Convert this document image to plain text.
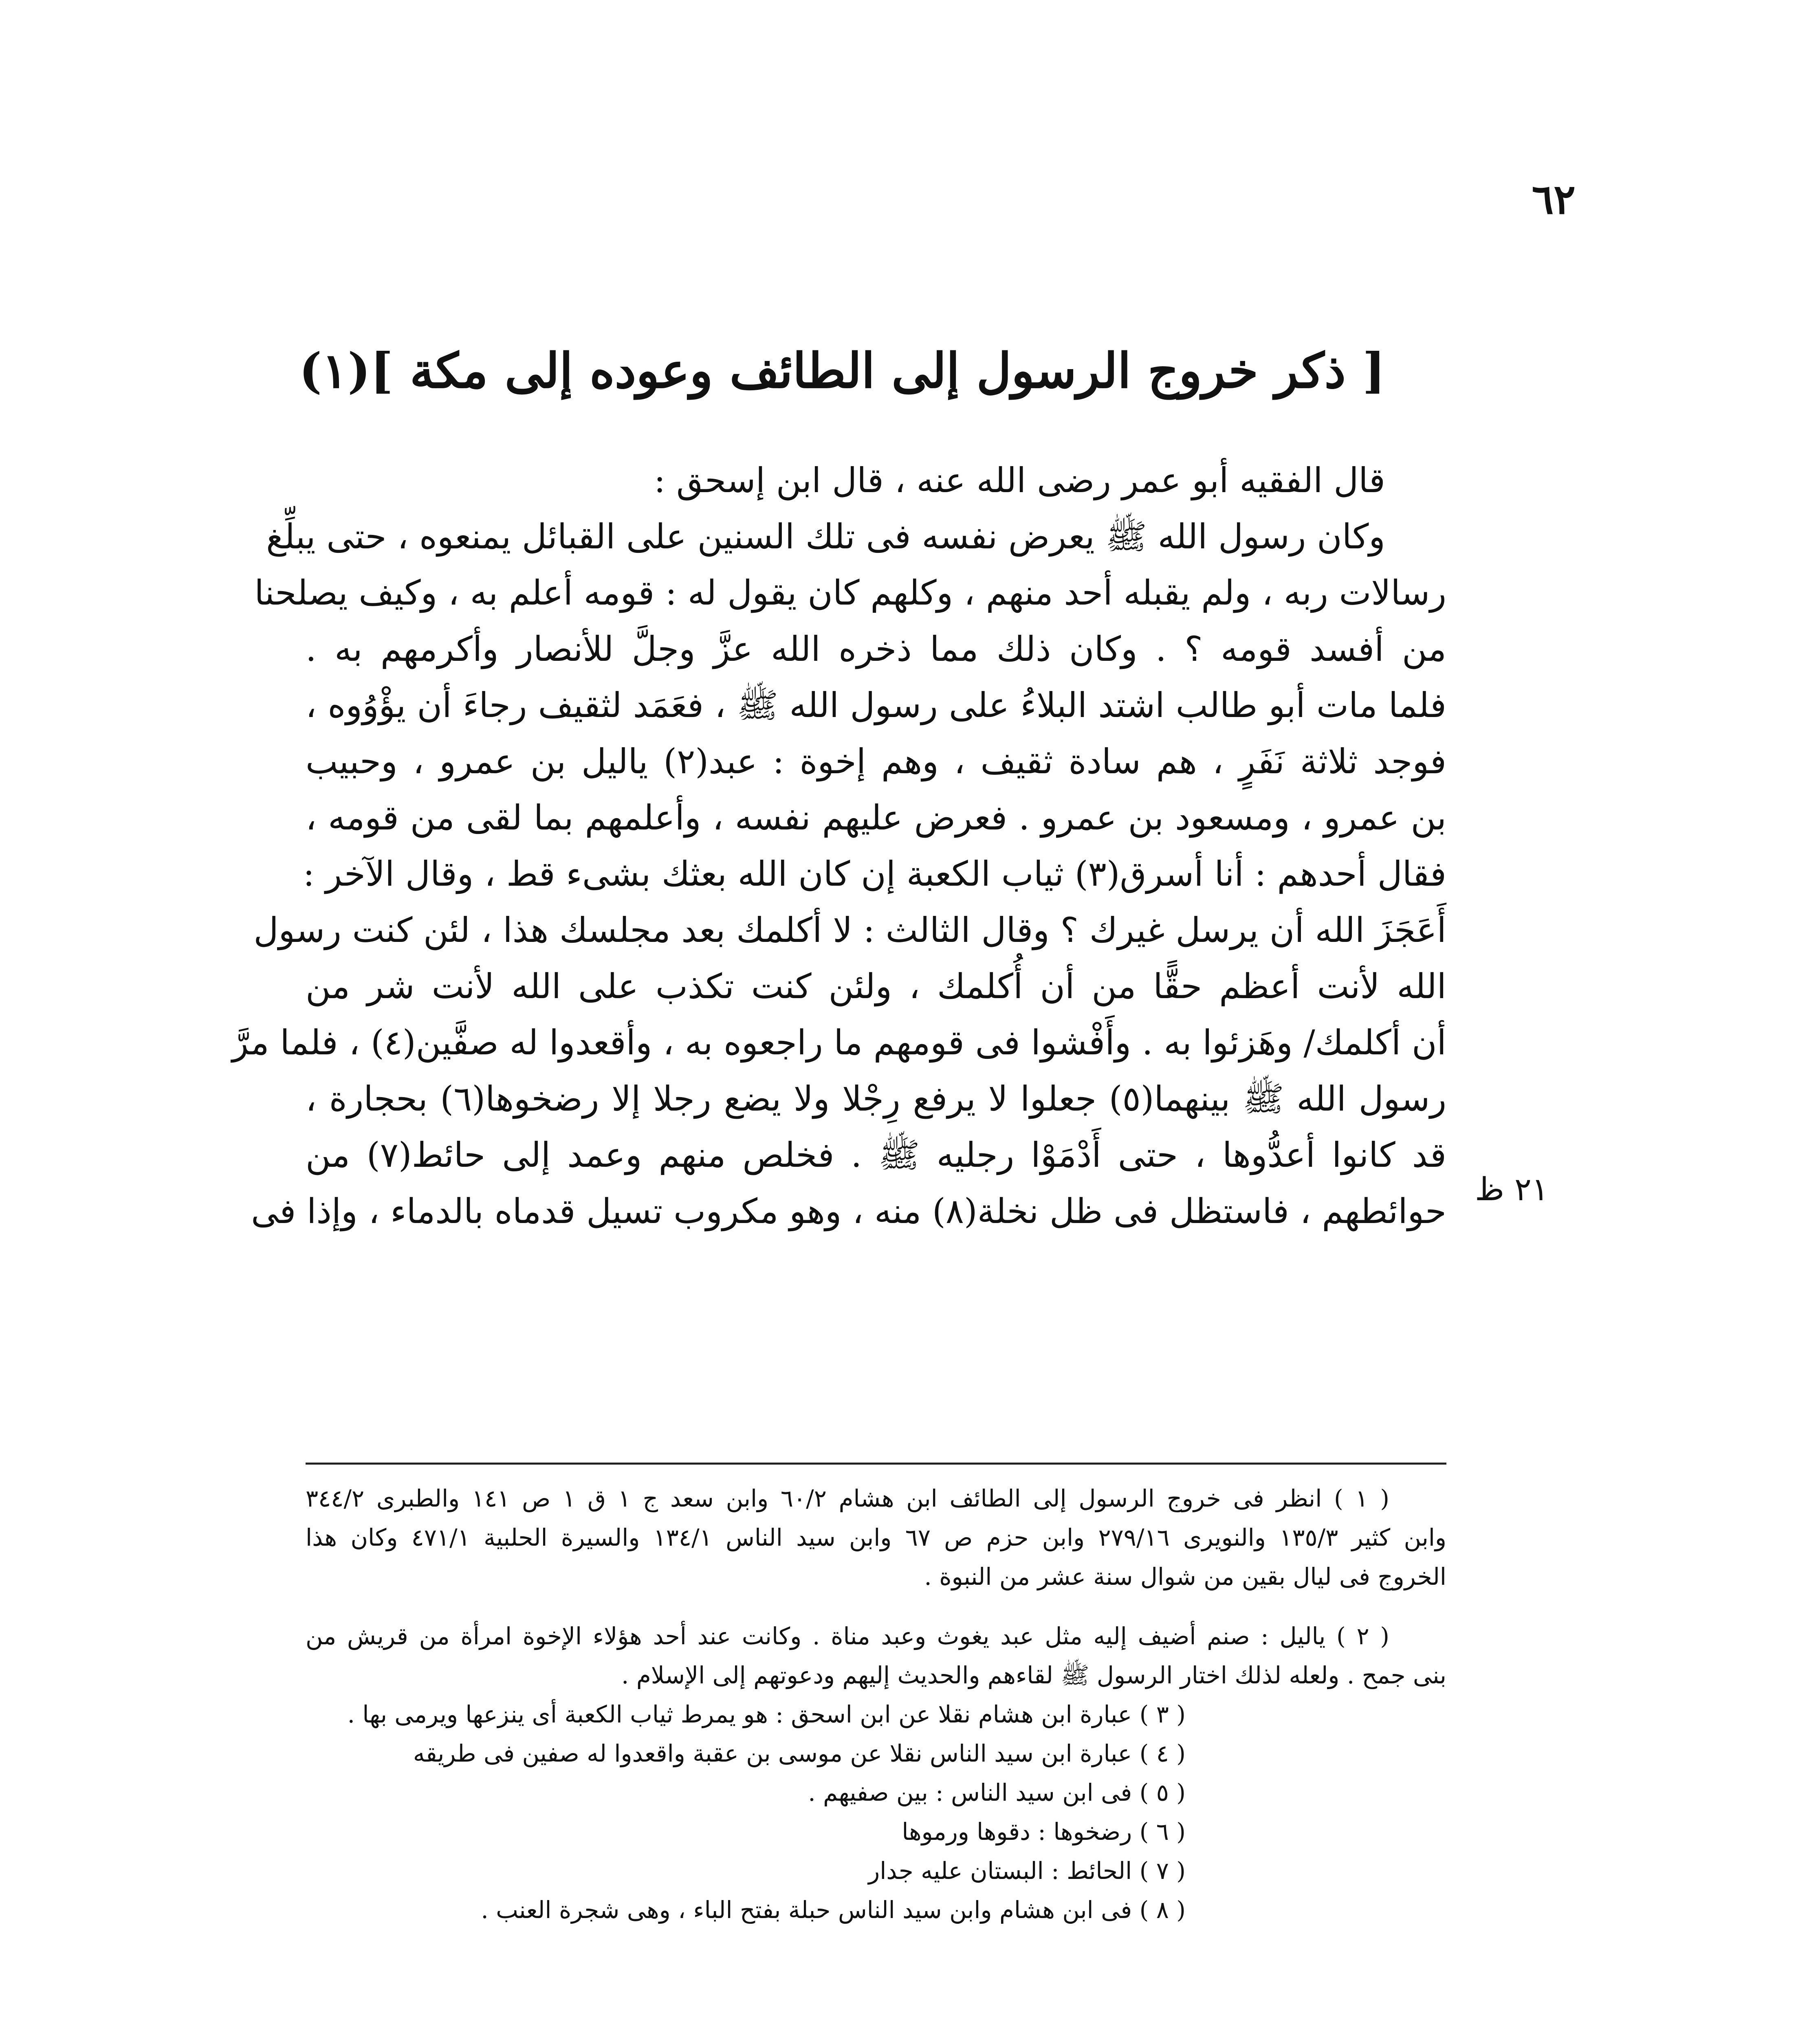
٦٢
[ ذكر خروج الرسول إلى الطائف وعوده إلى مكة ](١)
٢١ ظ
قال الفقيه أبو عمر رضى الله عنه ، قال ابن إسحق :
وكان رسول الله ﷺ يعرض نفسه فى تلك السنين على القبائل يمنعوه ، حتى يبلِّغ
رسالات ربه ، ولم يقبله أحد منهم ، وكلهم كان يقول له : قومه أعلم به ، وكيف يصلحنا
من أفسد قومه ؟ . وكان ذلك مما ذخره الله عزَّ وجلَّ للأنصار وأكرمهم به .
فلما مات أبو طالب اشتد البلاءُ على رسول الله ﷺ ، فعَمَد لثقيف رجاءَ أن يؤْوُوه ،
فوجد ثلاثة نَفَرٍ ، هم سادة ثقيف ، وهم إخوة : عبد(٢) ياليل بن عمرو ، وحبيب
بن عمرو ، ومسعود بن عمرو . فعرض عليهم نفسه ، وأعلمهم بما لقى من قومه ،
فقال أحدهم : أنا أسرق(٣) ثياب الكعبة إن كان الله بعثك بشىء قط ، وقال الآخر :
أَعَجَزَ الله أن يرسل غيرك ؟ وقال الثالث : لا أكلمك بعد مجلسك هذا ، لئن كنت رسول
الله لأنت أعظم حقًّا من أن أُكلمك ، ولئن كنت تكذب على الله لأنت شر من
أن أكلمك/ وهَزئوا به . وأَفْشوا فى قومهم ما راجعوه به ، وأقعدوا له صفَّين(٤) ، فلما مرَّ
رسول الله ﷺ بينهما(٥) جعلوا لا يرفع رِجْلا ولا يضع رجلا إلا رضخوها(٦) بحجارة ،
قد كانوا أعدُّوها ، حتى أَدْمَوْا رجليه ﷺ . فخلص منهم وعمد إلى حائط(٧) من
حوائطهم ، فاستظل فى ظل نخلة(٨) منه ، وهو مكروب تسيل قدماه بالدماء ، وإذا فى
( ١ ) انظر فى خروج الرسول إلى الطائف ابن هشام ٦٠/٢ وابن سعد ج ١ ق ١ ص ١٤١ والطبرى ٣٤٤/٢
وابن كثير ١٣٥/٣ والنويرى ٢٧٩/١٦ وابن حزم ص ٦٧ وابن سيد الناس ١٣٤/١ والسيرة الحلبية ٤٧١/١ وكان هذا
الخروج فى ليال بقين من شوال سنة عشر من النبوة .
( ٢ ) ياليل : صنم أضيف إليه مثل عبد يغوث وعبد مناة . وكانت عند أحد هؤلاء الإخوة امرأة من قريش من
بنى جمح . ولعله لذلك اختار الرسول ﷺ لقاءهم والحديث إليهم ودعوتهم إلى الإسلام .
( ٣ ) عبارة ابن هشام نقلا عن ابن اسحق : هو يمرط ثياب الكعبة أى ينزعها ويرمى بها .
( ٤ ) عبارة ابن سيد الناس نقلا عن موسى بن عقبة واقعدوا له صفين فى طريقه
( ٥ ) فى ابن سيد الناس : بين صفيهم .
( ٦ ) رضخوها : دقوها ورموها
( ٧ ) الحائط : البستان عليه جدار
( ٨ ) فى ابن هشام وابن سيد الناس حبلة بفتح الباء ، وهى شجرة العنب .
